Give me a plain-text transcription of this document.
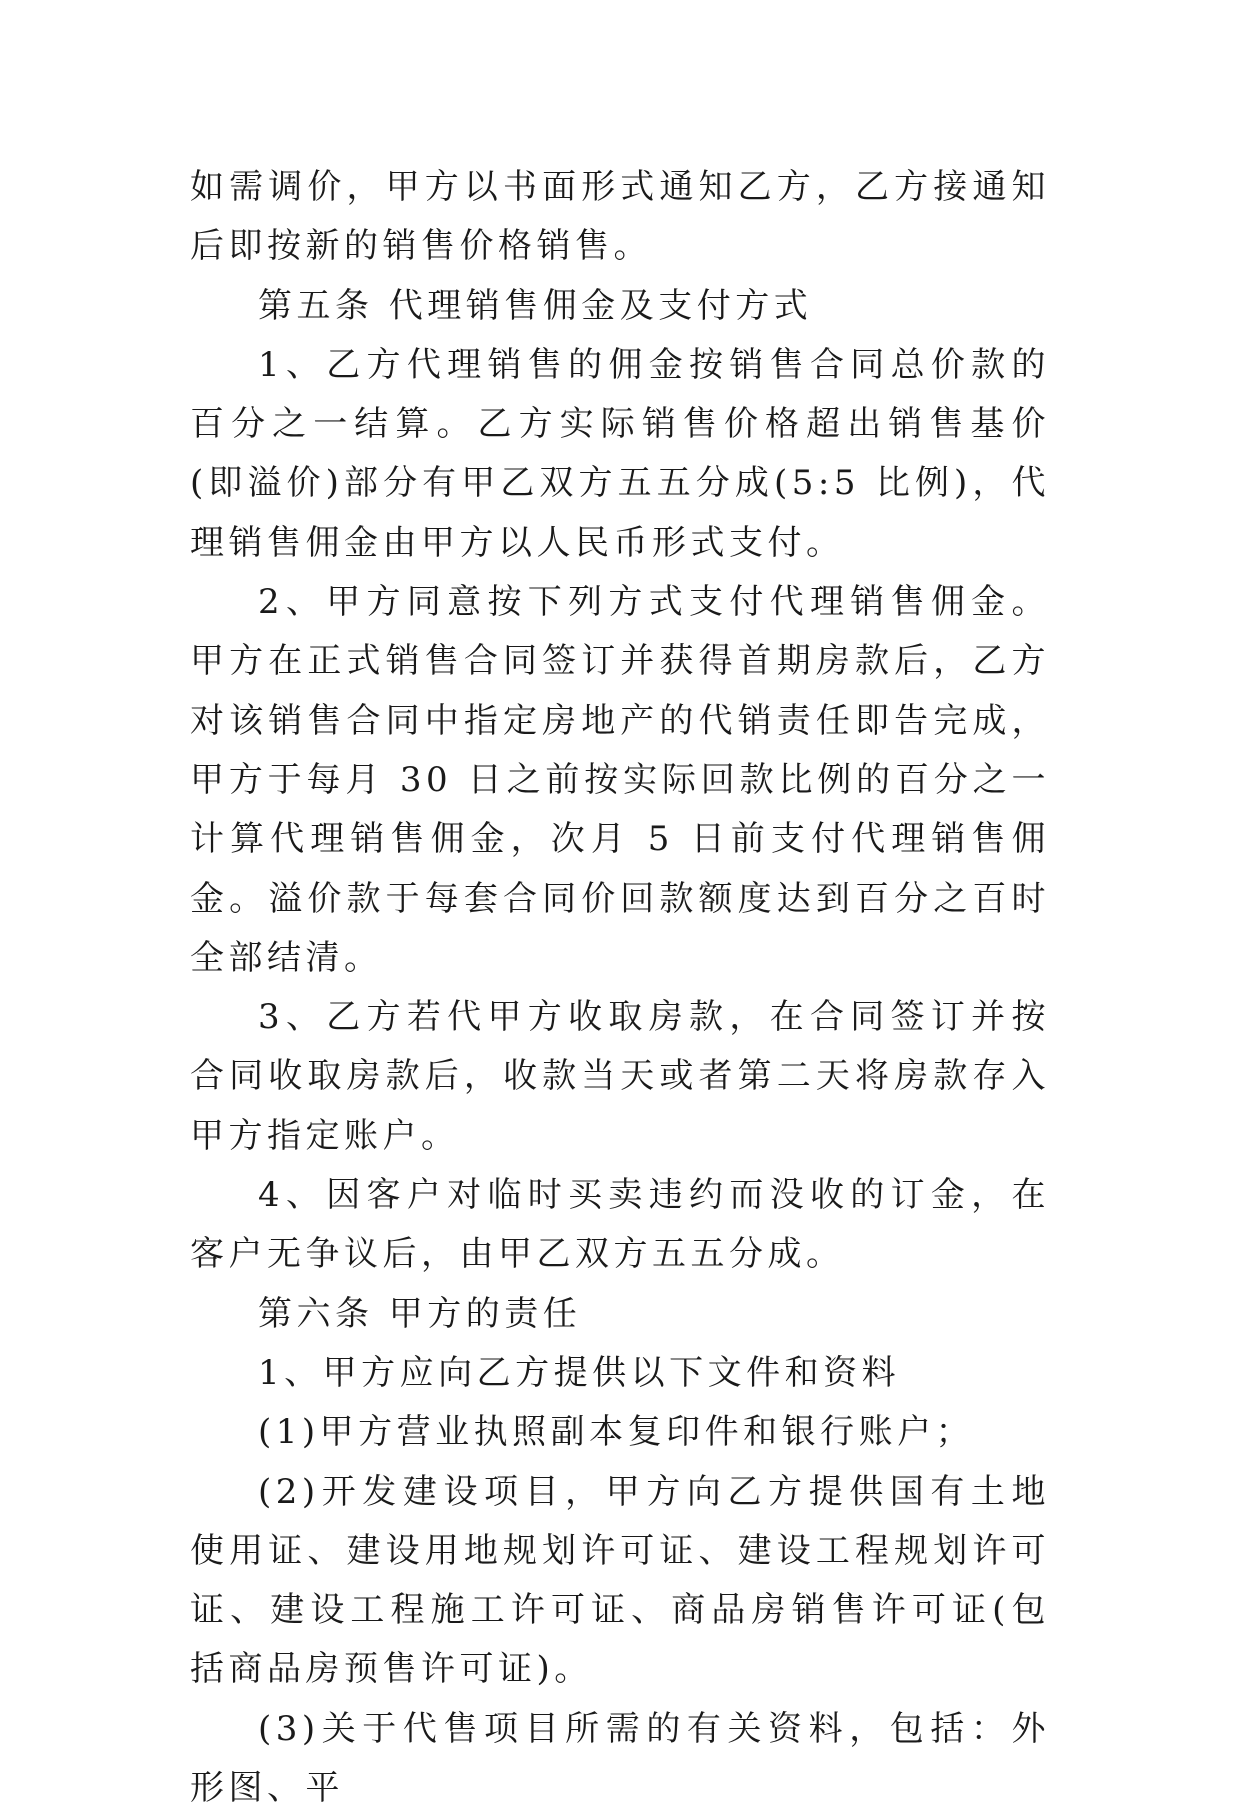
如需调价，甲方以书面形式通知乙方，乙方接通知后即按新的销售价格销售。

第五条 代理销售佣金及支付方式

1、乙方代理销售的佣金按销售合同总价款的百分之一结算。乙方实际销售价格超出销售基价(即溢价)部分有甲乙双方五五分成(5:5 比例)，代理销售佣金由甲方以人民币形式支付。

2、甲方同意按下列方式支付代理销售佣金。甲方在正式销售合同签订并获得首期房款后，乙方对该销售合同中指定房地产的代销责任即告完成，甲方于每月 30 日之前按实际回款比例的百分之一计算代理销售佣金，次月 5 日前支付代理销售佣金。溢价款于每套合同价回款额度达到百分之百时全部结清。

3、乙方若代甲方收取房款，在合同签订并按合同收取房款后，收款当天或者第二天将房款存入甲方指定账户。

4、因客户对临时买卖违约而没收的订金，在客户无争议后，由甲乙双方五五分成。

第六条 甲方的责任

1、甲方应向乙方提供以下文件和资料

(1)甲方营业执照副本复印件和银行账户；

(2)开发建设项目，甲方向乙方提供国有土地使用证、建设用地规划许可证、建设工程规划许可证、建设工程施工许可证、商品房销售许可证(包括商品房预售许可证)。

(3)关于代售项目所需的有关资料，包括：外形图、平
